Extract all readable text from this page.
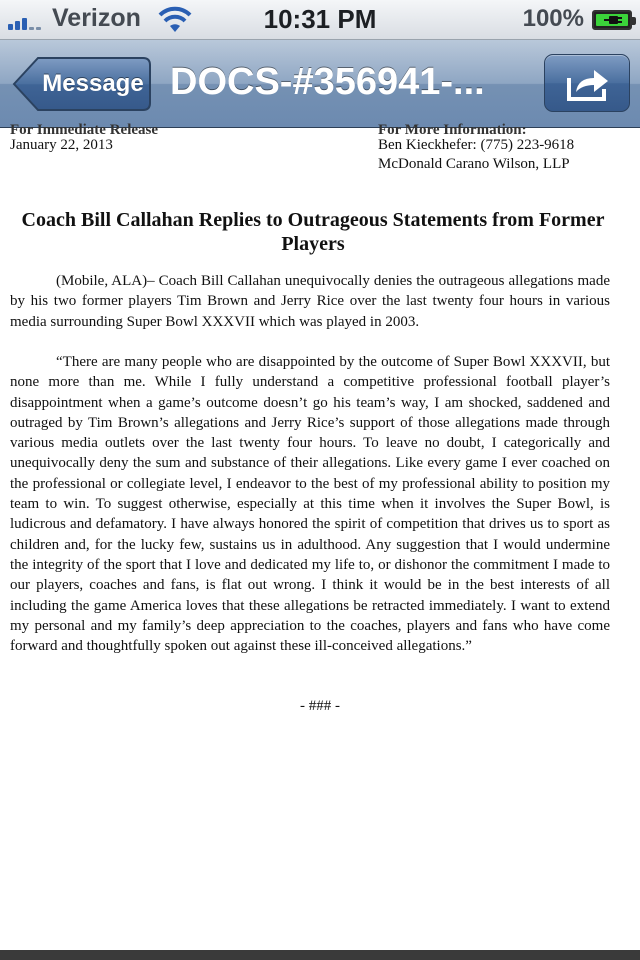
Verizon	10:31 PM	100%
Message DOCS-#356941-...
For Immediate Release	For More Information:
January 22, 2013	Ben Kieckhefer: (775) 223-9618
McDonald Carano Wilson, LLP
Coach Bill Callahan Replies to Outrageous Statements from Former Players

(Mobile, ALA)– Coach Bill Callahan unequivocally denies the outrageous allegations made by his two former players Tim Brown and Jerry Rice over the last twenty four hours in various media surrounding Super Bowl XXXVII which was played in 2003.

“There are many people who are disappointed by the outcome of Super Bowl XXXVII, but none more than me. While I fully understand a competitive professional football player’s disappointment when a game’s outcome doesn’t go his team’s way, I am shocked, saddened and outraged by Tim Brown’s allegations and Jerry Rice’s support of those allegations made through various media outlets over the last twenty four hours. To leave no doubt, I categorically and unequivocally deny the sum and substance of their allegations. Like every game I ever coached on the professional or collegiate level, I endeavor to the best of my professional ability to position my team to win. To suggest otherwise, especially at this time when it involves the Super Bowl, is ludicrous and defamatory. I have always honored the spirit of competition that drives us to sport as children and, for the lucky few, sustains us in adulthood. Any suggestion that I would undermine the integrity of the sport that I love and dedicated my life to, or dishonor the commitment I made to our players, coaches and fans, is flat out wrong. I think it would be in the best interests of all including the game America loves that these allegations be retracted immediately. I want to extend my personal and my family’s deep appreciation to the coaches, players and fans who have come forward and thoughtfully spoken out against these ill-conceived allegations.”

- ### -
